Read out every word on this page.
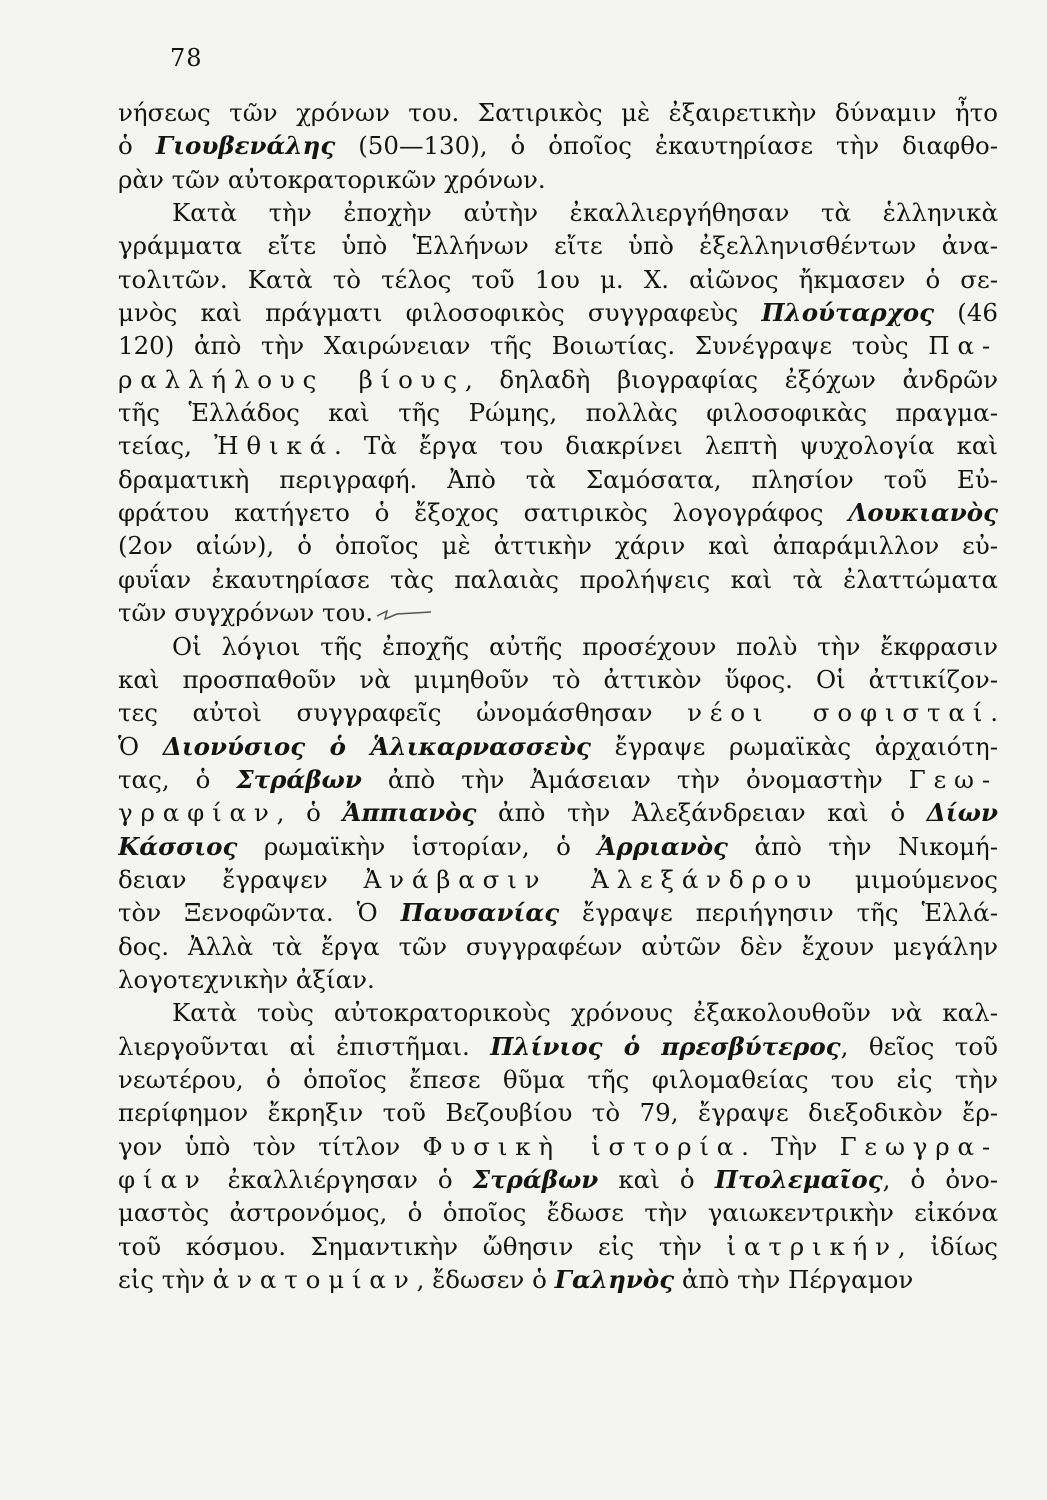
78
νήσεως τῶν χρόνων του. Σατιρικὸς μὲ ἐξαιρετικὴν δύναμιν ἦτο
ὁ Γιουβενάλης (50—130), ὁ ὁποῖος ἐκαυτηρίασε τὴν διαφθο-
ρὰν τῶν αὐτοκρατορικῶν χρόνων.
Κατὰ τὴν ἐποχὴν αὐτὴν ἐκαλλιεργήθησαν τὰ ἑλληνικὰ
γράμματα εἴτε ὑπὸ Ἑλλήνων εἴτε ὑπὸ ἐξελληνισθέντων ἀνα-
τολιτῶν. Κατὰ τὸ τέλος τοῦ 1ου μ. Χ. αἰῶνος ἤκμασεν ὁ σε-
μνὸς καὶ πράγματι φιλοσοφικὸς συγγραφεὺς Πλούταρχος (46
120) ἀπὸ τὴν Χαιρώνειαν τῆς Βοιωτίας. Συνέγραψε τοὺς Πα-
ραλλήλους βίους, δηλαδὴ βιογραφίας ἐξόχων ἀνδρῶν
τῆς Ἑλλάδος καὶ τῆς Ρώμης, πολλὰς φιλοσοφικὰς πραγμα-
τείας, Ἠθικά. Τὰ ἔργα του διακρίνει λεπτὴ ψυχολογία καὶ
δραματικὴ περιγραφή. Ἀπὸ τὰ Σαμόσατα, πλησίον τοῦ Εὐ-
φράτου κατήγετο ὁ ἔξοχος σατιρικὸς λογογράφος Λουκιανὸς
(2ον αἰών), ὁ ὁποῖος μὲ ἀττικὴν χάριν καὶ ἀπαράμιλλον εὐ-
φυΐαν ἐκαυτηρίασε τὰς παλαιὰς προλήψεις καὶ τὰ ἐλαττώματα
τῶν συγχρόνων του.
Οἱ λόγιοι τῆς ἐποχῆς αὐτῆς προσέχουν πολὺ τὴν ἔκφρασιν
καὶ προσπαθοῦν νὰ μιμηθοῦν τὸ ἀττικὸν ὕφος. Οἱ ἀττικίζον-
τες αὐτοὶ συγγραφεῖς ὠνομάσθησαν νέοι σοφισταί.
Ὁ Διονύσιος ὁ Ἁλικαρνασσεὺς ἔγραψε ρωμαϊκὰς ἀρχαιότη-
τας, ὁ Στράβων ἀπὸ τὴν Ἀμάσειαν τὴν ὀνομαστὴν Γεω-
γραφίαν, ὁ Ἀππιανὸς ἀπὸ τὴν Ἀλεξάνδρειαν καὶ ὁ Δίων
Κάσσιος ρωμαϊκὴν ἱστορίαν, ὁ Ἀρριανὸς ἀπὸ τὴν Νικομή-
δειαν ἔγραψεν Ἀνάβασιν Ἀλεξάνδρου μιμούμενος
τὸν Ξενοφῶντα. Ὁ Παυσανίας ἔγραψε περιήγησιν τῆς Ἑλλά-
δος. Ἀλλὰ τὰ ἔργα τῶν συγγραφέων αὐτῶν δὲν ἔχουν μεγάλην
λογοτεχνικὴν ἀξίαν.
Κατὰ τοὺς αὐτοκρατορικοὺς χρόνους ἐξακολουθοῦν νὰ καλ-
λιεργοῦνται αἱ ἐπιστῆμαι. Πλίνιος ὁ πρεσβύτερος, θεῖος τοῦ
νεωτέρου, ὁ ὁποῖος ἔπεσε θῦμα τῆς φιλομαθείας του εἰς τὴν
περίφημον ἔκρηξιν τοῦ Βεζουβίου τὸ 79, ἔγραψε διεξοδικὸν ἔρ-
γον ὑπὸ τὸν τίτλον Φυσικὴ ἱστορία. Τὴν Γεωγρα-
φίαν ἐκαλλιέργησαν ὁ Στράβων καὶ ὁ Πτολεμαῖος, ὁ ὀνο-
μαστὸς ἀστρονόμος, ὁ ὁποῖος ἔδωσε τὴν γαιωκεντρικὴν εἰκόνα
τοῦ κόσμου. Σημαντικὴν ὤθησιν εἰς τὴν ἰατρικήν, ἰδίως
εἰς τὴν ἀνατομίαν, ἔδωσεν ὁ Γαληνὸς ἀπὸ τὴν Πέργαμον
